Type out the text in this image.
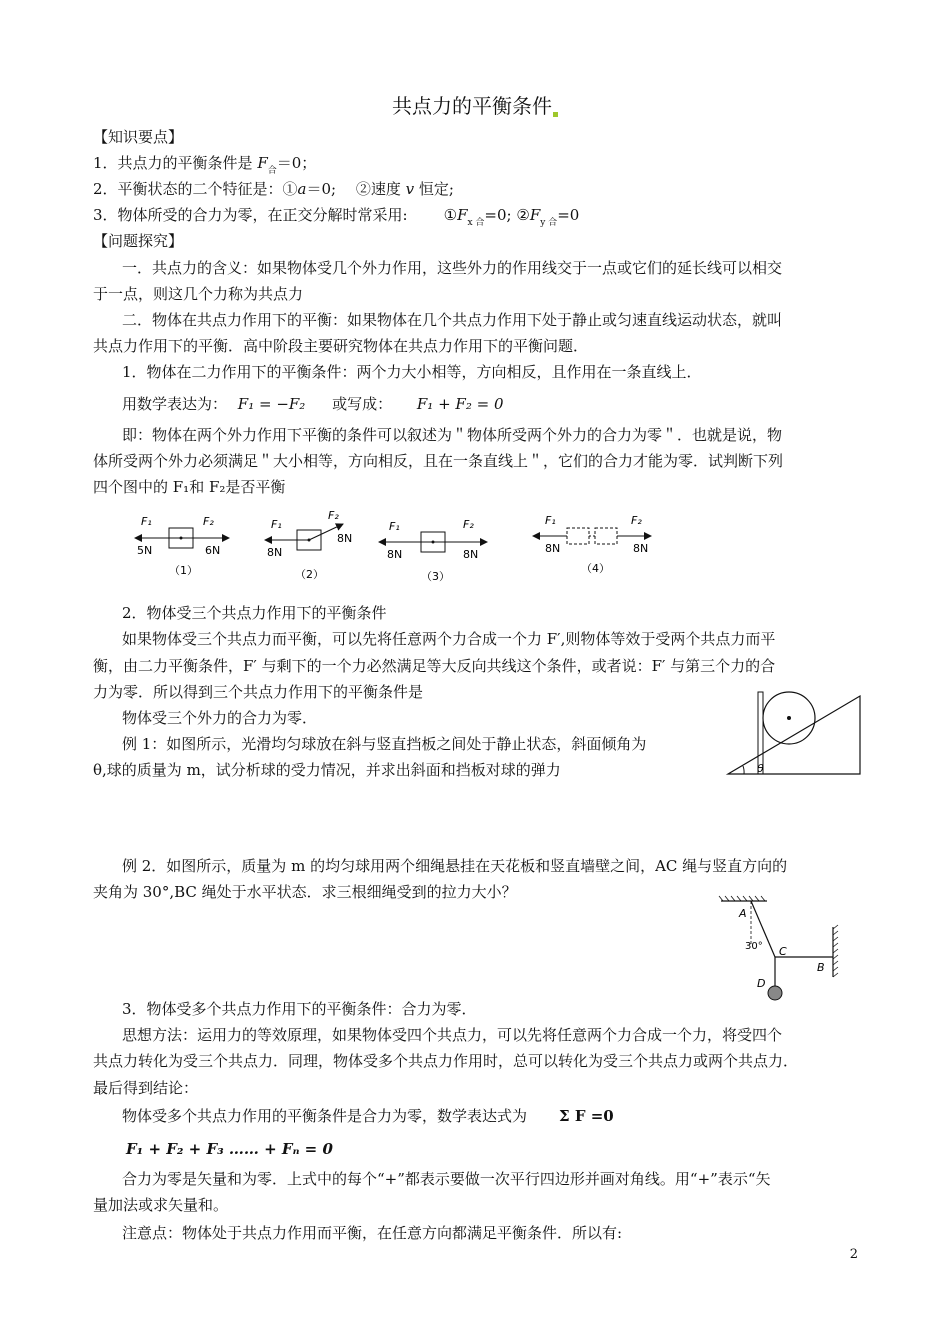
共点力的平衡条件
【知识要点】
1．共点力的平衡条件是 $F_合=0$；
2．平衡状态的二个特征是：①a＝0;　 ②速度 v 恒定;
3．物体所受的合力为零，在正交分解时常采用: $①F_{x 合}=0$; $②F_{y 合}=0$
【问题探究】
一．共点力的含义：如果物体受几个外力作用，这些外力的作用线交于一点或它们的延长线可以相交
于一点，则这几个力称为共点力
二．物体在共点力作用下的平衡：如果物体在几个共点力作用下处于静止或匀速直线运动状态，就叫
共点力作用下的平衡．高中阶段主要研究物体在共点力作用下的平衡问题．
1．物体在二力作用下的平衡条件：两个力大小相等，方向相反，且作用在一条直线上．
用数学表达为： F₁ = −F₂ 或写成： F₁ + F₂ = 0
即：物体在两个外力作用下平衡的条件可以叙述为＂物体所受两个外力的合力为零＂．也就是说，物
体所受两个外力必须满足＂大小相等，方向相反，且在一条直线上＂，它们的合力才能为零．试判断下列
四个图中的 F₁和 F₂是否平衡
F₁	F₂
5N	6N
（1）
F₁
F₂
8N
8N
（2）
F₁	F₂
8N	8N
（3）
F₁	F₂
8N	8N
（4）
2．物体受三个共点力作用下的平衡条件
如果物体受三个共点力而平衡，可以先将任意两个力合成一个力 F′,则物体等效于受两个共点力而平
衡，由二力平衡条件，F′ 与剩下的一个力必然满足等大反向共线这个条件，或者说：F′ 与第三个力的合
力为零．所以得到三个共点力作用下的平衡条件是
物体受三个外力的合力为零．
例 1：如图所示，光滑均匀球放在斜与竖直挡板之间处于静止状态，斜面倾角为
θ,球的质量为 m，试分析球的受力情况，并求出斜面和挡板对球的弹力	θ
例 2．如图所示，质量为 m 的均匀球用两个细绳悬挂在天花板和竖直墙壁之间，AC 绳与竖直方向的
夹角为 30°,BC 绳处于水平状态．求三根细绳受到的拉力大小？
A
30° C
B
D
3．物体受多个共点力作用下的平衡条件：合力为零．
思想方法：运用力的等效原理，如果物体受四个共点力，可以先将任意两个力合成一个力，将受四个
共点力转化为受三个共点力．同理，物体受多个共点力作用时，总可以转化为受三个共点力或两个共点力．
最后得到结论：
物体受多个共点力作用的平衡条件是合力为零，数学表达式为 Σ F =0
F₁ + F₂ + F₃ …… + Fₙ = 0
合力为零是矢量和为零．上式中的每个“+”都表示要做一次平行四边形并画对角线。用“+”表示“矢
量加法或求矢量和。
注意点：物体处于共点力作用而平衡，在任意方向都满足平衡条件．所以有:
2
